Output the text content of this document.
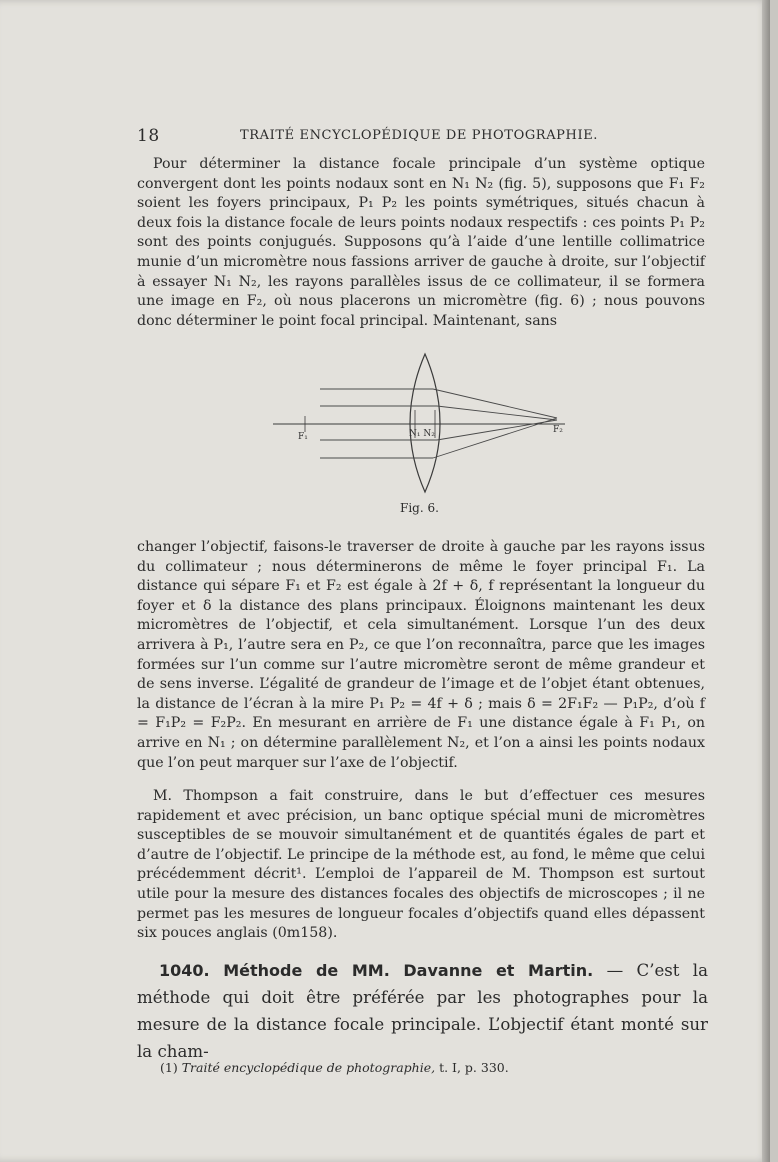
18	TRAITÉ ENCYCLOPÉDIQUE DE PHOTOGRAPHIE.

Pour déterminer la distance focale principale d’un système optique convergent dont les points nodaux sont en N₁ N₂ (fig. 5), supposons que F₁ F₂ soient les foyers principaux, P₁ P₂ les points symétriques, situés chacun à deux fois la distance focale de leurs points nodaux respectifs : ces points P₁ P₂ sont des points conjugués. Supposons qu’à l’aide d’une lentille collimatrice munie d’un micromètre nous fassions arriver de gauche à droite, sur l’objectif à essayer N₁ N₂, les rayons parallèles issus de ce collimateur, il se formera une image en F₂, où nous placerons un micromètre (fig. 6) ; nous pouvons donc déterminer le point focal principal. Maintenant, sans

F₁	N₁ N₂	F₂
Fig. 6.

changer l’objectif, faisons-le traverser de droite à gauche par les rayons issus du collimateur ; nous déterminerons de même le foyer principal F₁. La distance qui sépare F₁ et F₂ est égale à 2f + δ, f représentant la longueur du foyer et δ la distance des plans principaux. Éloignons maintenant les deux micromètres de l’objectif, et cela simultanément. Lorsque l’un des deux arrivera à P₁, l’autre sera en P₂, ce que l’on reconnaîtra, parce que les images formées sur l’un comme sur l’autre micromètre seront de même grandeur et de sens inverse. L’égalité de grandeur de l’image et de l’objet étant obtenues, la distance de l’écran à la mire P₁ P₂ = 4f + δ ; mais δ = 2F₁F₂ — P₁P₂, d’où f = F₁P₂ = F₂P₂. En mesurant en arrière de F₁ une distance égale à F₁ P₁, on arrive en N₁ ; on détermine parallèlement N₂, et l’on a ainsi les points nodaux que l’on peut marquer sur l’axe de l’objectif.

M. Thompson a fait construire, dans le but d’effectuer ces mesures rapidement et avec précision, un banc optique spécial muni de micromètres susceptibles de se mouvoir simultanément et de quantités égales de part et d’autre de l’objectif. Le principe de la méthode est, au fond, le même que celui précédemment décrit¹. L’emploi de l’appareil de M. Thompson est surtout utile pour la mesure des distances focales des objectifs de microscopes ; il ne permet pas les mesures de longueur focales d’objectifs quand elles dépassent six pouces anglais (0m158).

1040. Méthode de MM. Davanne et Martin. — C’est la méthode qui doit être préférée par les photographes pour la mesure de la distance focale principale. L’objectif étant monté sur la cham-
(1) Traité encyclopédique de photographie, t. I, p. 330.
